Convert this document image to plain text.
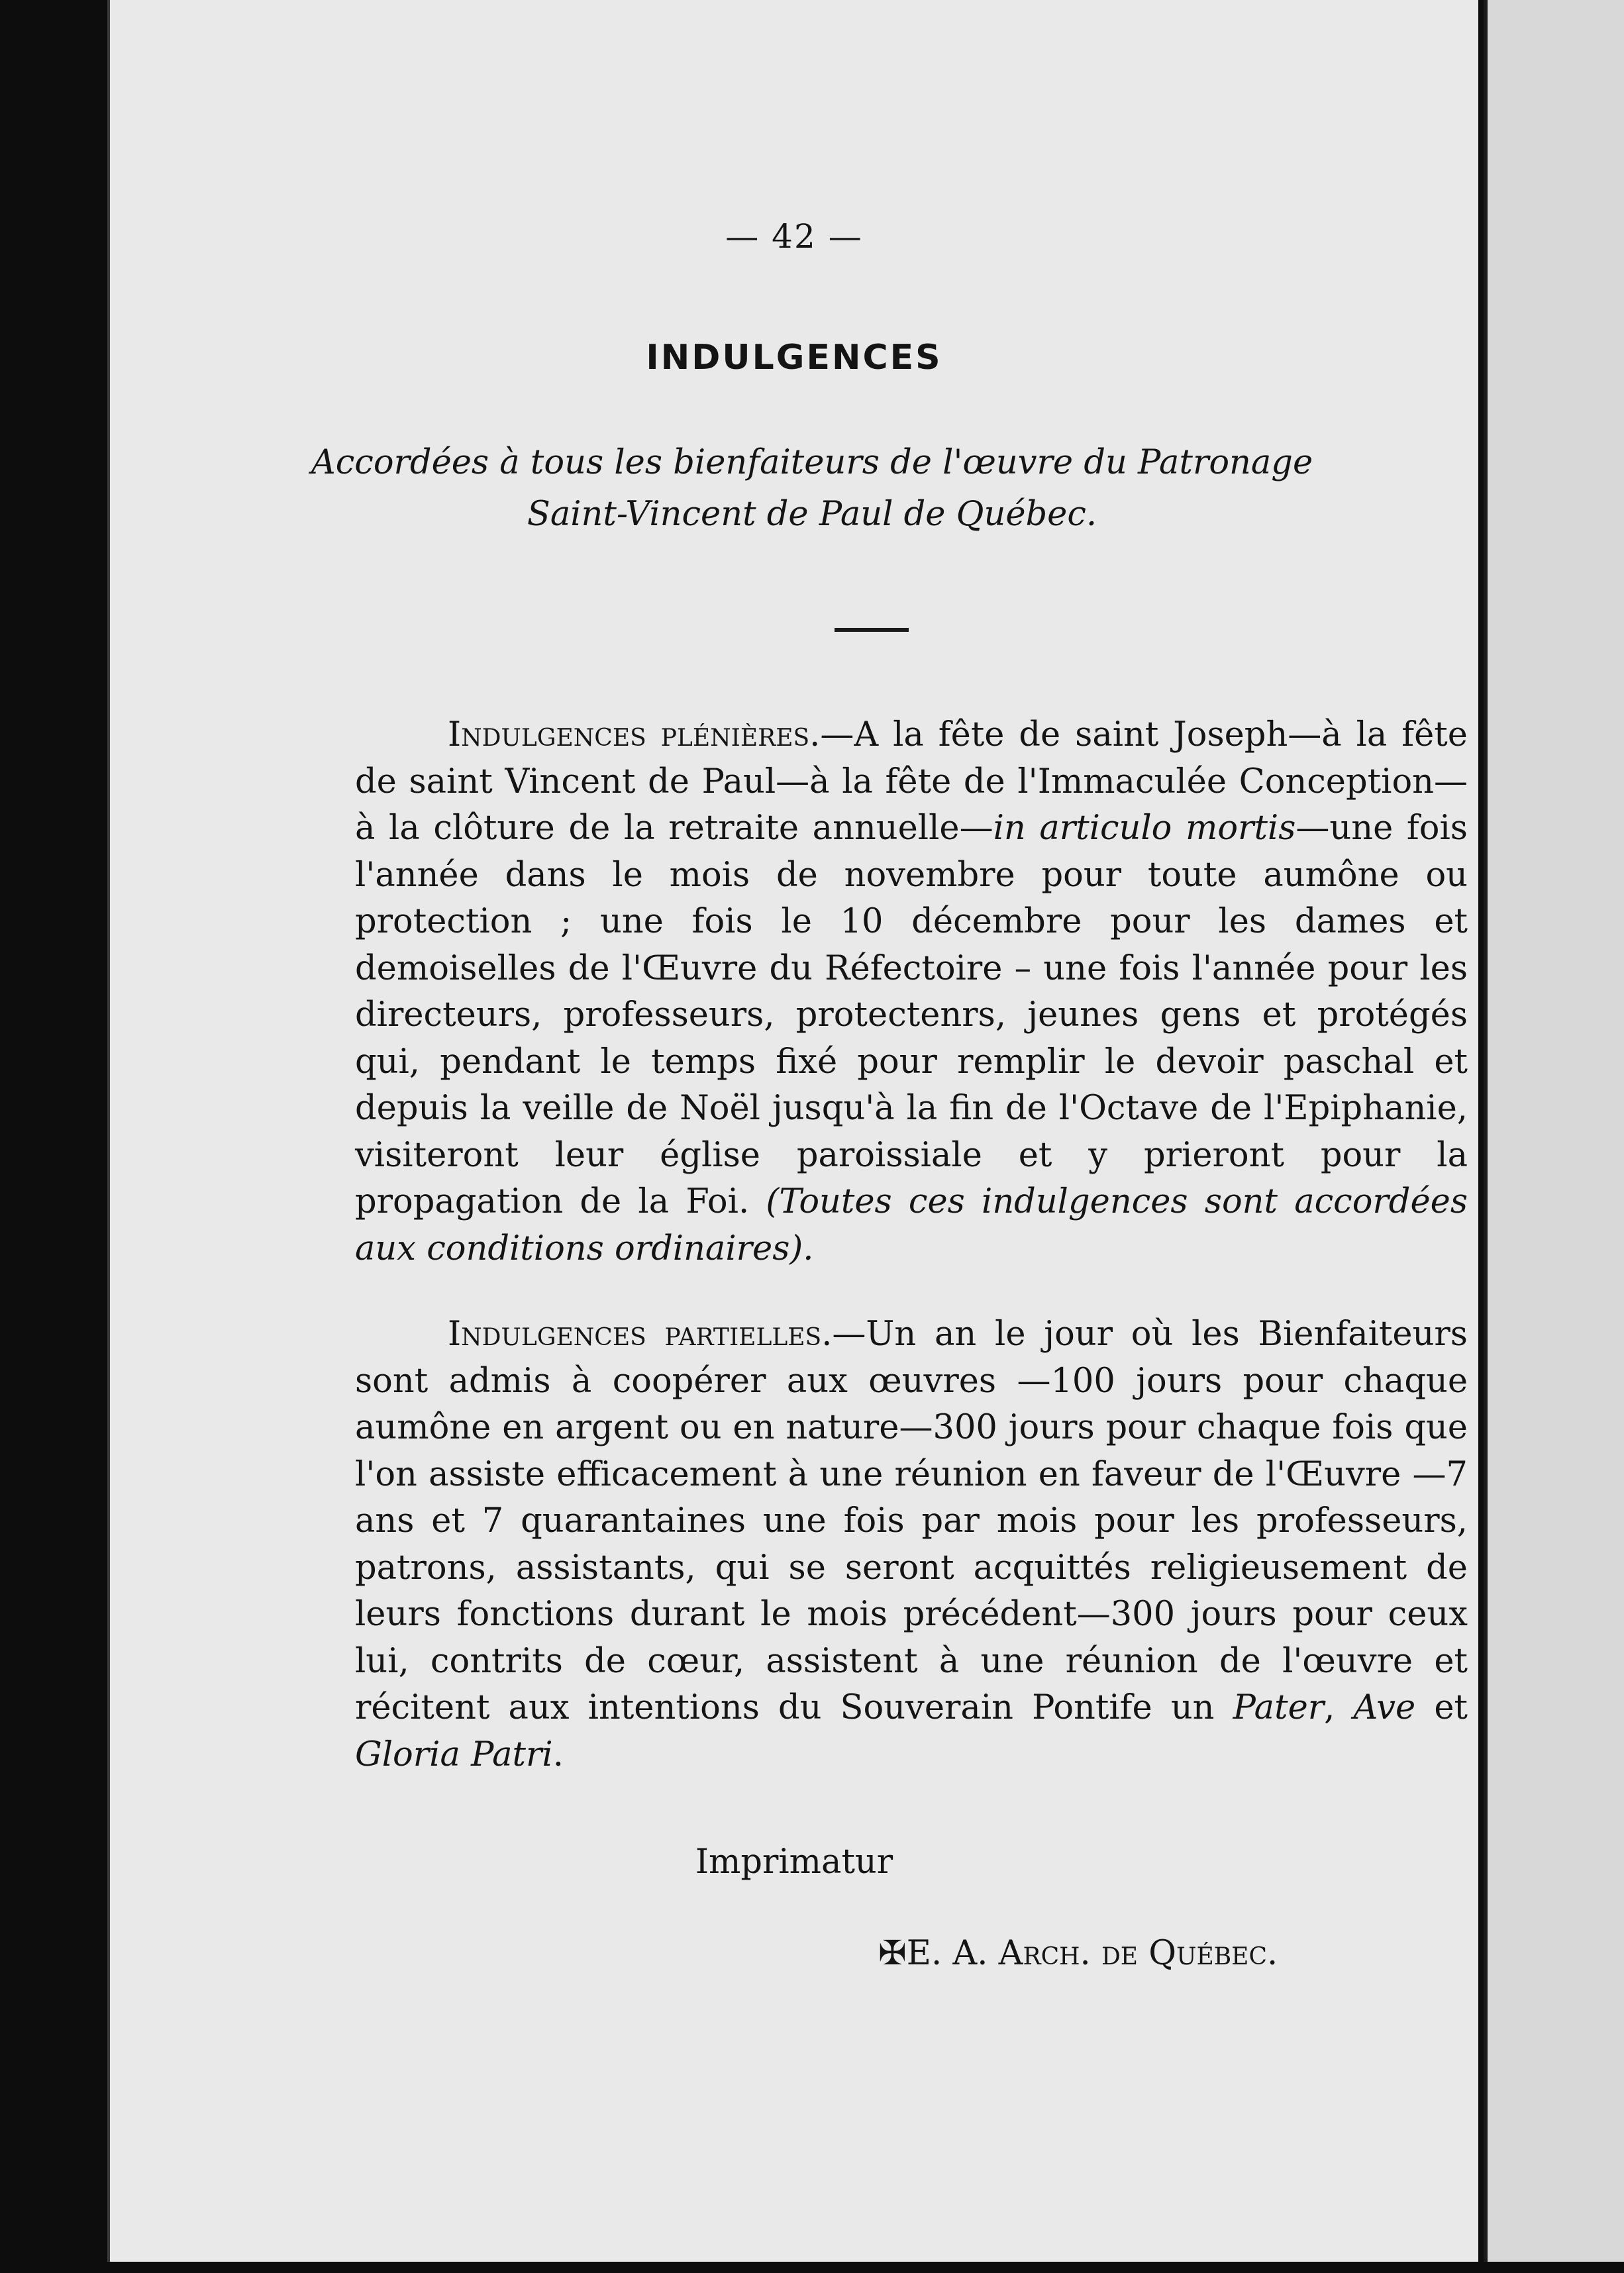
— 42 —
INDULGENCES
Accordées à tous les bienfaiteurs de l'œuvre du Patronage
Saint-Vincent de Paul de Québec.

Indulgences plénières.—A la fête de saint Joseph—à la fête de saint Vincent de Paul—à la fête de l'Immaculée Conception—à la clôture de la retraite annuelle—in articulo mortis—une fois l'année dans le mois de novembre pour toute aumône ou protection ; une fois le 10 décembre pour les dames et demoiselles de l'Œuvre du Réfectoire – une fois l'année pour les directeurs, professeurs, protectenrs, jeunes gens et protégés qui, pendant le temps fixé pour remplir le devoir paschal et depuis la veille de Noël jusqu'à la fin de l'Octave de l'Epiphanie, visiteront leur église paroissiale et y prieront pour la propagation de la Foi. (Toutes ces indulgences sont accordées aux conditions ordinaires).

Indulgences partielles.—Un an le jour où les Bienfaiteurs sont admis à coopérer aux œuvres —100 jours pour chaque aumône en argent ou en nature—300 jours pour chaque fois que l'on assiste efficacement à une réunion en faveur de l'Œuvre —7 ans et 7 quarantaines une fois par mois pour les professeurs, patrons, assistants, qui se seront acquittés religieusement de leurs fonctions durant le mois précédent—300 jours pour ceux lui, contrits de cœur, assistent à une réunion de l'œuvre et récitent aux intentions du Souverain Pontife un Pater, Ave et Gloria Patri.

Imprimatur
✠E. A. Arch. de Québec.
